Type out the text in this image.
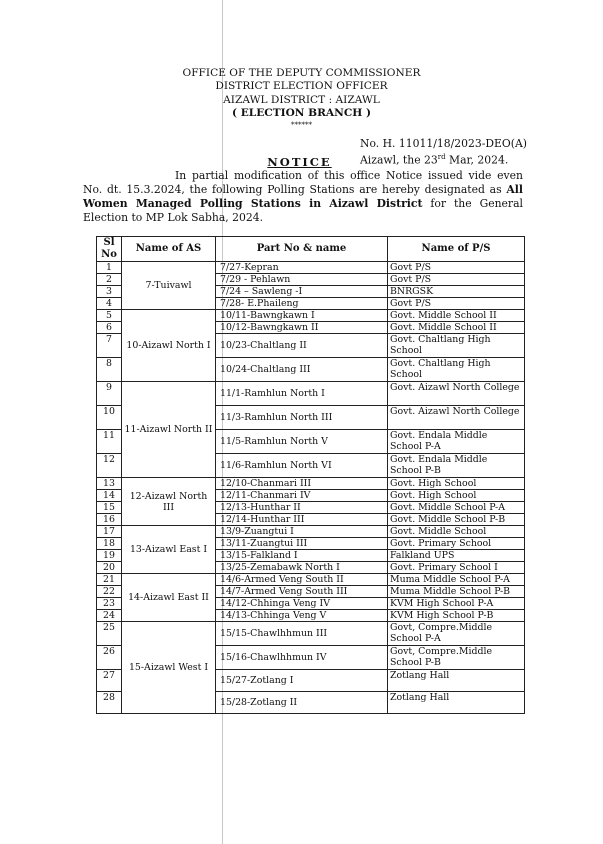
OFFICE OF THE DEPUTY COMMISSIONER
DISTRICT ELECTION OFFICER
AIZAWL DISTRICT : AIZAWL
( ELECTION BRANCH )
******
No. H. 11011/18/2023-DEO(A)
Aizawl, the 23rd Mar, 2024.
NOTICE
In partial modification of this office Notice issued vide even No. dt. 15.3.2024, the following Polling Stations are hereby designated as All Women Managed Polling Stations in Aizawl District for the General Election to MP Lok Sabha, 2024.
Sl No	Name of AS	Part No & name	Name of P/S
1	7-Tuivawl	7/27-Kepran	Govt P/S
2		7/29 - Pehlawn	Govt P/S
3		7/24 – Sawleng -I	BNRGSK
4		7/28- E.Phaileng	Govt P/S
5	10-Aizawl North I	10/11-Bawngkawn I	Govt. Middle School II
6		10/12-Bawngkawn II	Govt. Middle School II
7		10/23-Chaltlang II	Govt. Chaltlang High School
8		10/24-Chaltlang III	Govt. Chaltlang High School
9	11-Aizawl North II	11/1-Ramhlun North I	Govt. Aizawl North College
10		11/3-Ramhlun North III	Govt. Aizawl North College
11		11/5-Ramhlun North V	Govt. Endala Middle School P-A
12		11/6-Ramhlun North VI	Govt. Endala Middle School P-B
13	12-Aizawl North III	12/10-Chanmari III	Govt. High School
14		12/11-Chanmari IV	Govt. High School
15		12/13-Hunthar II	Govt. Middle School P-A
16		12/14-Hunthar III	Govt. Middle School P-B
17	13-Aizawl East I	13/9-Zuangtui I	Govt. Middle School
18		13/11-Zuangtui III	Govt. Primary School
19		13/15-Falkland I	Falkland UPS
20		13/25-Zemabawk North I	Govt. Primary School I
21	14-Aizawl East II	14/6-Armed Veng South II	Muma Middle School P-A
22		14/7-Armed Veng South III	Muma Middle School P-B
23		14/12-Chhinga Veng IV	KVM High School P-A
24		14/13-Chhinga Veng V	KVM High School P-B
25	15-Aizawl West I	15/15-Chawlhhmun III	Govt, Compre.Middle School P-A
26		15/16-Chawlhhmun IV	Govt, Compre.Middle School P-B
27		15/27-Zotlang I	Zotlang Hall
28		15/28-Zotlang II	Zotlang Hall
